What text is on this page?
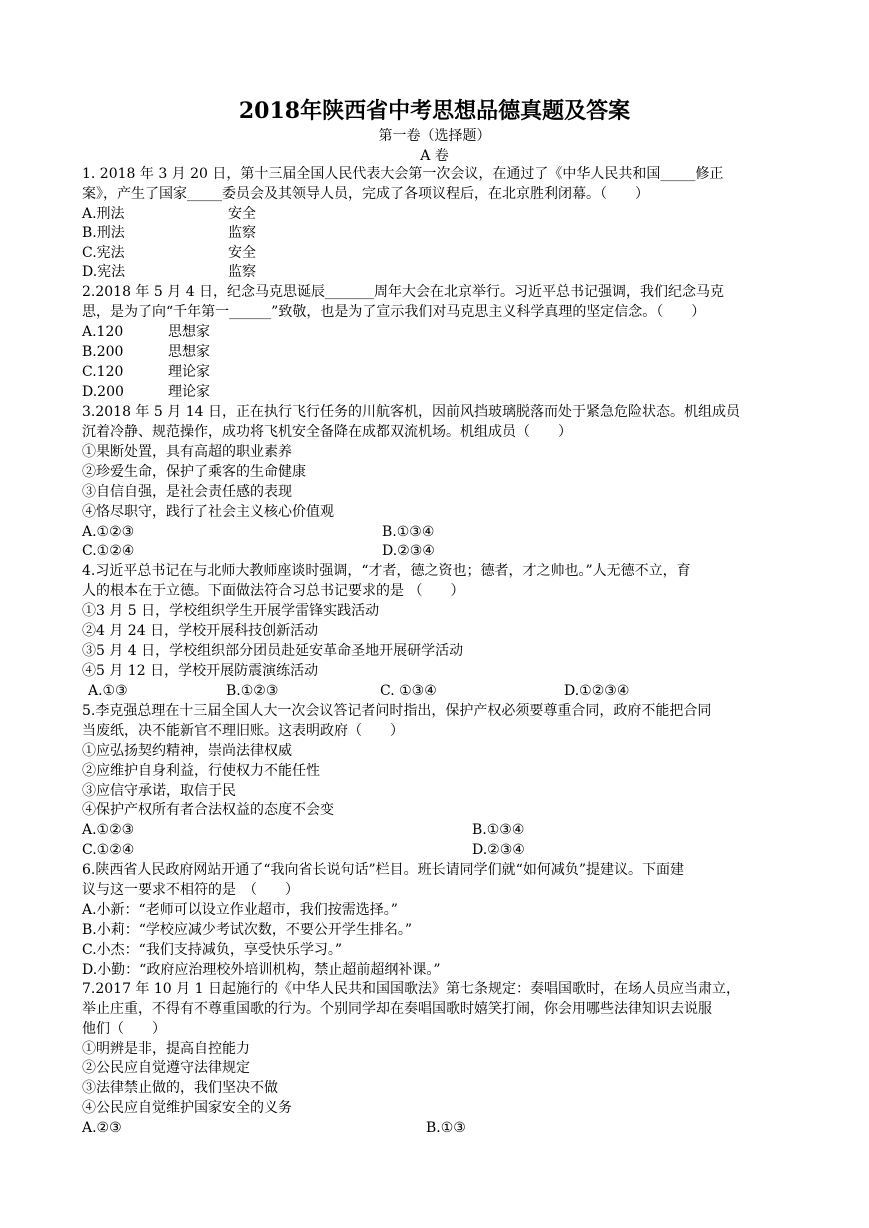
2018年陕西省中考思想品德真题及答案
第一卷（选择题）
A 卷
1. 2018 年 3 月 20 日，第十三届全国人民代表大会第一次会议，在通过了《中华人民共和国_____修正
案》，产生了国家_____委员会及其领导人员，完成了各项议程后，在北京胜利闭幕。（　　）
A.刑法	安全
B.刑法	监察
C.宪法	安全
D.宪法	监察
2.2018 年 5 月 4 日，纪念马克思诞辰_______周年大会在北京举行。习近平总书记强调，我们纪念马克
思，是为了向“千年第一______”致敬，也是为了宣示我们对马克思主义科学真理的坚定信念。（　　）
A.120	思想家
B.200	思想家
C.120	理论家
D.200	理论家
3.2018 年 5 月 14 日，正在执行飞行任务的川航客机，因前风挡玻璃脱落而处于紧急危险状态。机组成员
沉着冷静、规范操作，成功将飞机安全备降在成都双流机场。机组成员（　　）
①果断处置，具有高超的职业素养
②珍爱生命，保护了乘客的生命健康
③自信自强，是社会责任感的表现
④恪尽职守，践行了社会主义核心价值观
A.①②③	B.①③④
C.①②④	D.②③④
4.习近平总书记在与北师大教师座谈时强调，“才者，德之资也；德者，才之帅也。”人无德不立，育
人的根本在于立德。下面做法符合习总书记要求的是 （　　）
①3 月 5 日，学校组织学生开展学雷锋实践活动
②4 月 24 日，学校开展科技创新活动
③5 月 4 日，学校组织部分团员赴延安革命圣地开展研学活动
④5 月 12 日，学校开展防震演练活动
A.①③	B.①②③	C. ①③④	D.①②③④
5.李克强总理在十三届全国人大一次会议答记者问时指出，保护产权必须要尊重合同，政府不能把合同
当废纸，决不能新官不理旧账。这表明政府（　　）
①应弘扬契约精神，崇尚法律权威
②应维护自身利益，行使权力不能任性
③应信守承诺，取信于民
④保护产权所有者合法权益的态度不会变
A.①②③	B.①③④
C.①②④	D.②③④
6.陕西省人民政府网站开通了“我向省长说句话”栏目。班长请同学们就“如何减负”提建议。下面建
议与这一要求不相符的是　（　　）
A.小新：“老师可以设立作业超市，我们按需选择。”
B.小莉：“学校应减少考试次数，不要公开学生排名。”
C.小杰：“我们支持减负，享受快乐学习。”
D.小勤：“政府应治理校外培训机构，禁止超前超纲补课。”
7.2017 年 10 月 1 日起施行的《中华人民共和国国歌法》第七条规定：奏唱国歌时，在场人员应当肃立，
举止庄重，不得有不尊重国歌的行为。个别同学却在奏唱国歌时嬉笑打闹，你会用哪些法律知识去说服
他们（　　）
①明辨是非，提高自控能力
②公民应自觉遵守法律规定
③法律禁止做的，我们坚决不做
④公民应自觉维护国家安全的义务
A.②③	B.①③
